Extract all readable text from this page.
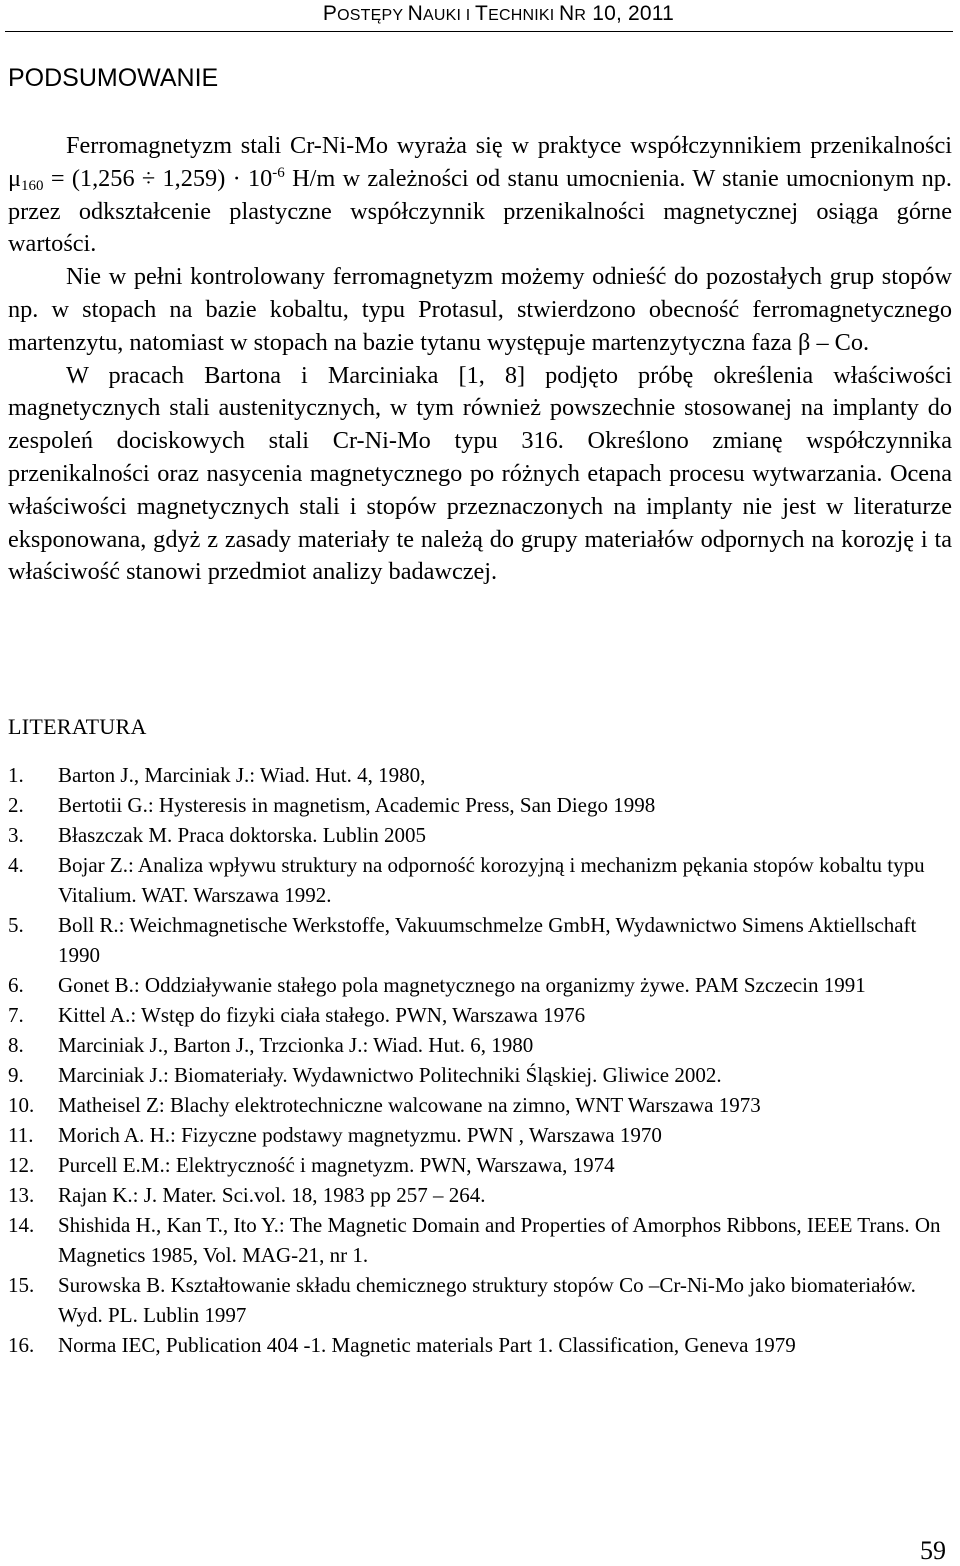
POSTĘPY NAUKI I TECHNIKI NR 10, 2011
PODSUMOWANIE

Ferromagnetyzm stali Cr-Ni-Mo wyraża się w praktyce współczynnikiem przenikalności $\mu_{160} = (1,256 \div 1,259) \cdot 10^{-6}$ H/m w zależności od stanu umocnienia. W stanie umocnionym np. przez odkształcenie plastyczne współczynnik przenikalności magnetycznej osiąga górne wartości.

Nie w pełni kontrolowany ferromagnetyzm możemy odnieść do pozostałych grup stopów np. w stopach na bazie kobaltu, typu Protasul, stwierdzono obecność ferromagnetycznego martenzytu, natomiast w stopach na bazie tytanu występuje martenzytyczna faza β – Co.

W pracach Bartona i Marciniaka [1, 8] podjęto próbę określenia właściwości magnetycznych stali austenitycznych, w tym również powszechnie stosowanej na implanty do zespoleń dociskowych stali Cr-Ni-Mo typu 316. Określono zmianę współczynnika przenikalności oraz nasycenia magnetycznego po różnych etapach procesu wytwarzania. Ocena właściwości magnetycznych stali i stopów przeznaczonych na implanty nie jest w literaturze eksponowana, gdyż z zasady materiały te należą do grupy materiałów odpornych na korozję i ta właściwość stanowi przedmiot analizy badawczej.

LITERATURA
1. Barton J., Marciniak J.: Wiad. Hut. 4, 1980,
2. Bertotii G.: Hysteresis in magnetism, Academic Press, San Diego 1998
3. Błaszczak M. Praca doktorska. Lublin 2005
4. Bojar Z.: Analiza wpływu struktury na odporność korozyjną i mechanizm pękania stopów kobaltu typu Vitalium. WAT. Warszawa 1992.
5. Boll R.: Weichmagnetische Werkstoffe, Vakuumschmelze GmbH, Wydawnictwo Simens Aktiellschaft 1990
6. Gonet B.: Oddziaływanie stałego pola magnetycznego na organizmy żywe. PAM Szczecin 1991
7. Kittel A.: Wstęp do fizyki ciała stałego. PWN, Warszawa 1976
8. Marciniak J., Barton J., Trzcionka J.: Wiad. Hut. 6, 1980
9. Marciniak J.: Biomateriały. Wydawnictwo Politechniki Śląskiej. Gliwice 2002.
10. Matheisel Z: Blachy elektrotechniczne walcowane na zimno, WNT Warszawa 1973
11. Morich A. H.: Fizyczne podstawy magnetyzmu. PWN , Warszawa 1970
12. Purcell E.M.: Elektryczność i magnetyzm. PWN, Warszawa, 1974
13. Rajan K.: J. Mater. Sci.vol. 18, 1983 pp 257 – 264.
14. Shishida H., Kan T., Ito Y.: The Magnetic Domain and Properties of Amorphos Ribbons, IEEE Trans. On Magnetics 1985, Vol. MAG-21, nr 1.
15. Surowska B. Kształtowanie składu chemicznego struktury stopów Co –Cr-Ni-Mo jako biomateriałów. Wyd. PL. Lublin 1997
16. Norma IEC, Publication 404 -1. Magnetic materials Part 1. Classification, Geneva 1979
59
